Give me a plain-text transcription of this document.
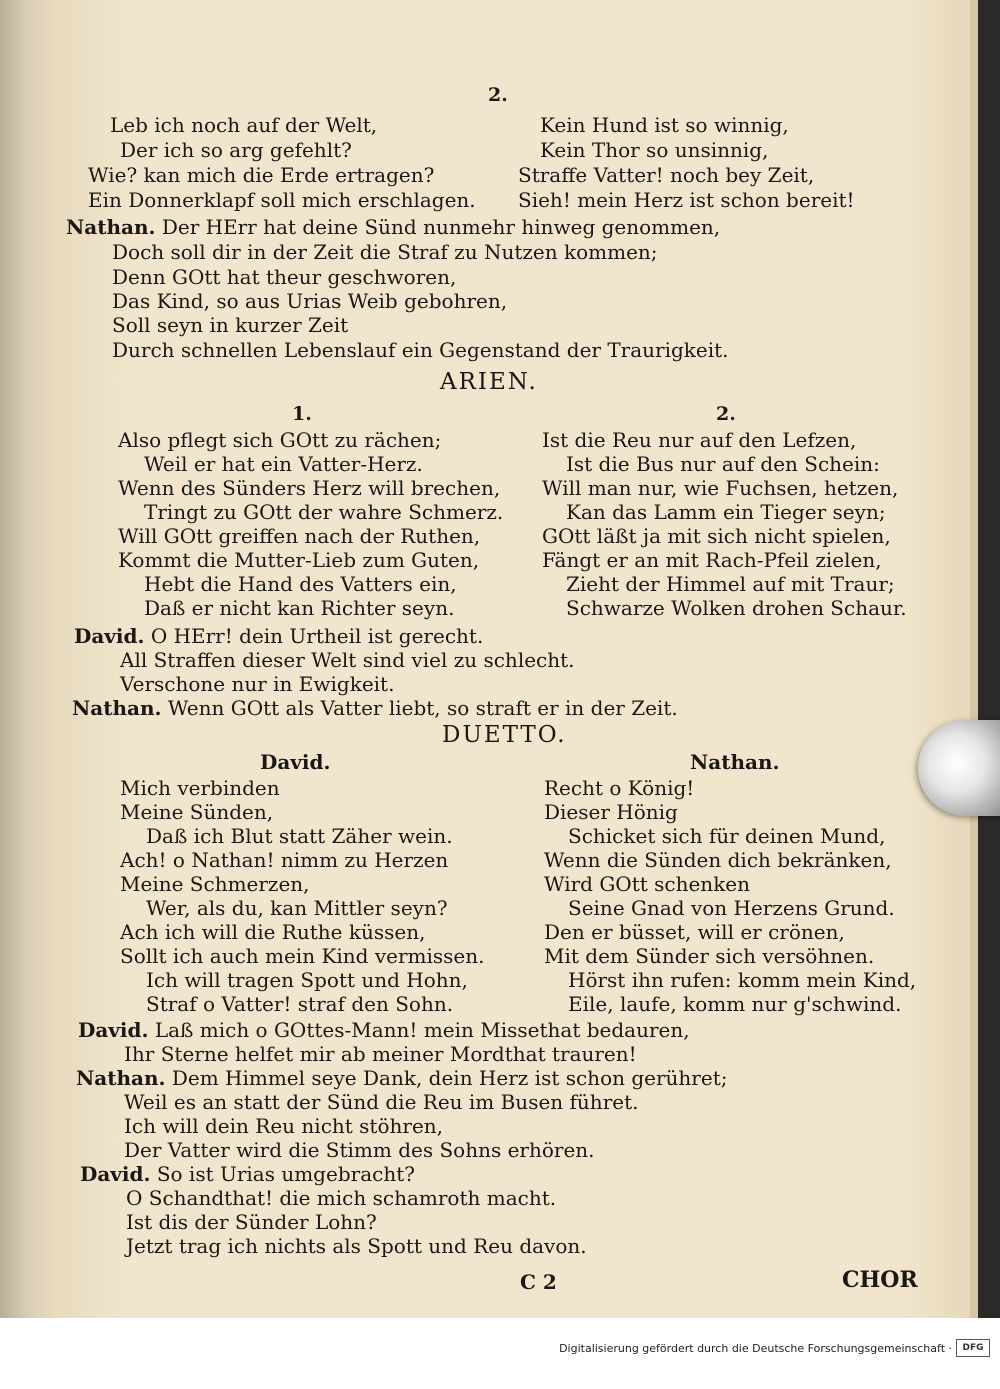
2.
Leb ich noch auf der Welt,
Der ich so arg gefehlt?
Wie? kan mich die Erde ertragen?
Ein Donnerklapf soll mich erschlagen.
Kein Hund ist so winnig,
Kein Thor so unsinnig,
Straffe Vatter! noch bey Zeit,
Sieh! mein Herz ist schon bereit!
Nathan. Der HErr hat deine Sünd nunmehr hinweg genommen,
Doch soll dir in der Zeit die Straf zu Nutzen kommen;
Denn GOtt hat theur geschworen,
Das Kind, so aus Urias Weib gebohren,
Soll seyn in kurzer Zeit
Durch schnellen Lebenslauf ein Gegenstand der Traurigkeit.
ARIEN.
1.	2.
Also pflegt sich GOtt zu rächen;
Weil er hat ein Vatter-Herz.
Wenn des Sünders Herz will brechen,
Tringt zu GOtt der wahre Schmerz.
Will GOtt greiffen nach der Ruthen,
Kommt die Mutter-Lieb zum Guten,
Hebt die Hand des Vatters ein,
Daß er nicht kan Richter seyn.
Ist die Reu nur auf den Lefzen,
Ist die Bus nur auf den Schein:
Will man nur, wie Fuchsen, hetzen,
Kan das Lamm ein Tieger seyn;
GOtt läßt ja mit sich nicht spielen,
Fängt er an mit Rach-Pfeil zielen,
Zieht der Himmel auf mit Traur;
Schwarze Wolken drohen Schaur.
David. O HErr! dein Urtheil ist gerecht.
All Straffen dieser Welt sind viel zu schlecht.
Verschone nur in Ewigkeit.
Nathan. Wenn GOtt als Vatter liebt, so straft er in der Zeit.
DUETTO.
David.	Nathan.
Mich verbinden
Meine Sünden,
Daß ich Blut statt Zäher wein.
Ach! o Nathan! nimm zu Herzen
Meine Schmerzen,
Wer, als du, kan Mittler seyn?
Ach ich will die Ruthe küssen,
Sollt ich auch mein Kind vermissen.
Ich will tragen Spott und Hohn,
Straf o Vatter! straf den Sohn.
Recht o König!
Dieser Hönig
Schicket sich für deinen Mund,
Wenn die Sünden dich bekränken,
Wird GOtt schenken
Seine Gnad von Herzens Grund.
Den er büsset, will er crönen,
Mit dem Sünder sich versöhnen.
Hörst ihn rufen: komm mein Kind,
Eile, laufe, komm nur g'schwind.
David. Laß mich o GOttes-Mann! mein Missethat bedauren,
Ihr Sterne helfet mir ab meiner Mordthat trauren!
Nathan. Dem Himmel seye Dank, dein Herz ist schon gerühret;
Weil es an statt der Sünd die Reu im Busen führet.
Ich will dein Reu nicht stöhren,
Der Vatter wird die Stimm des Sohns erhören.
David. So ist Urias umgebracht?
O Schandthat! die mich schamroth macht.
Ist dis der Sünder Lohn?
Jetzt trag ich nichts als Spott und Reu davon.
C 2	CHOR
Digitalisierung gefördert durch die Deutsche Forschungsgemeinschaft ·	DFG
